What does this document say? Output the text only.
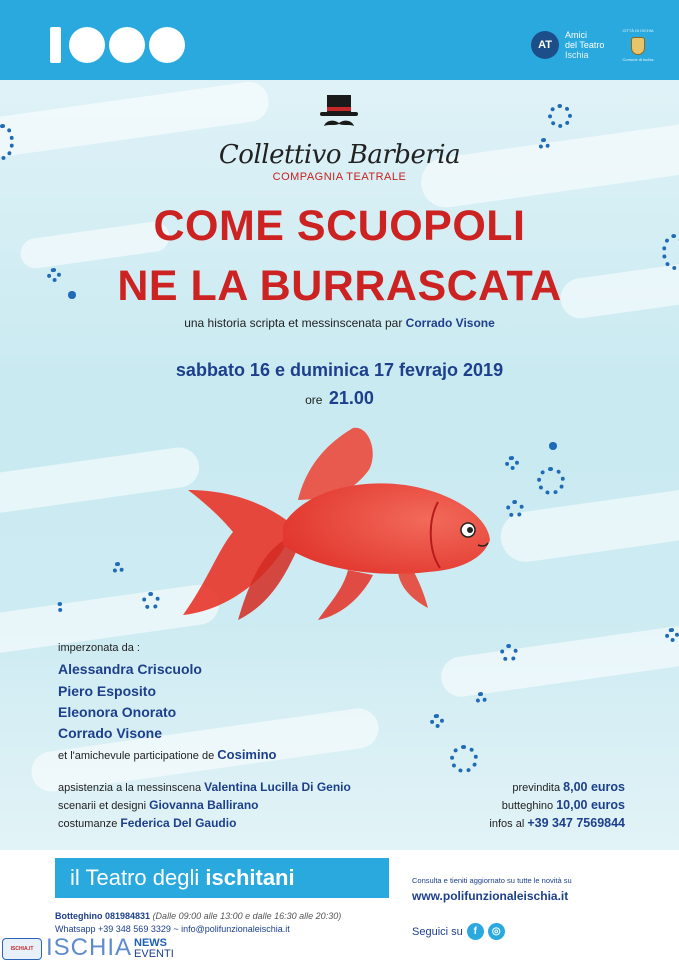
AT
Amici
del Teatro
Ischia
CITTÀ DI ISCHIA
Comune di Ischia
Collettivo Barberia
COMPAGNIA TEATRALE
COME SCUOPOLI
NE LA BURRASCATA
una historia scripta et messinscenata par Corrado Visone
sabbato 16 e duminica 17 fevrajo 2019
ore 21.00
imperzonata da :
Alessandra Criscuolo
Piero Esposito
Eleonora Onorato
Corrado Visone
et l'amichevule participatione de Cosimino
apsistenzia a la messinscena Valentina Lucilla Di Genio
scenarii et designi Giovanna Ballirano
costumanze Federica Del Gaudio
previndita 8,00 euros
butteghino 10,00 euros
infos al +39 347 7569844
il Teatro degli ischitani	Consulta e tieniti aggiornato su tutte le novità su
www.polifunzionaleischia.it
Seguici su	f	◎
Botteghino 081984831 (Dalle 09:00 alle 13:00 e dalle 16:30 alle 20:30)
Whatsapp +39 348 569 3329 ~ info@polifunzionaleischia.it
ISCHIA.IT ISCHIA NEWS
EVENTI
